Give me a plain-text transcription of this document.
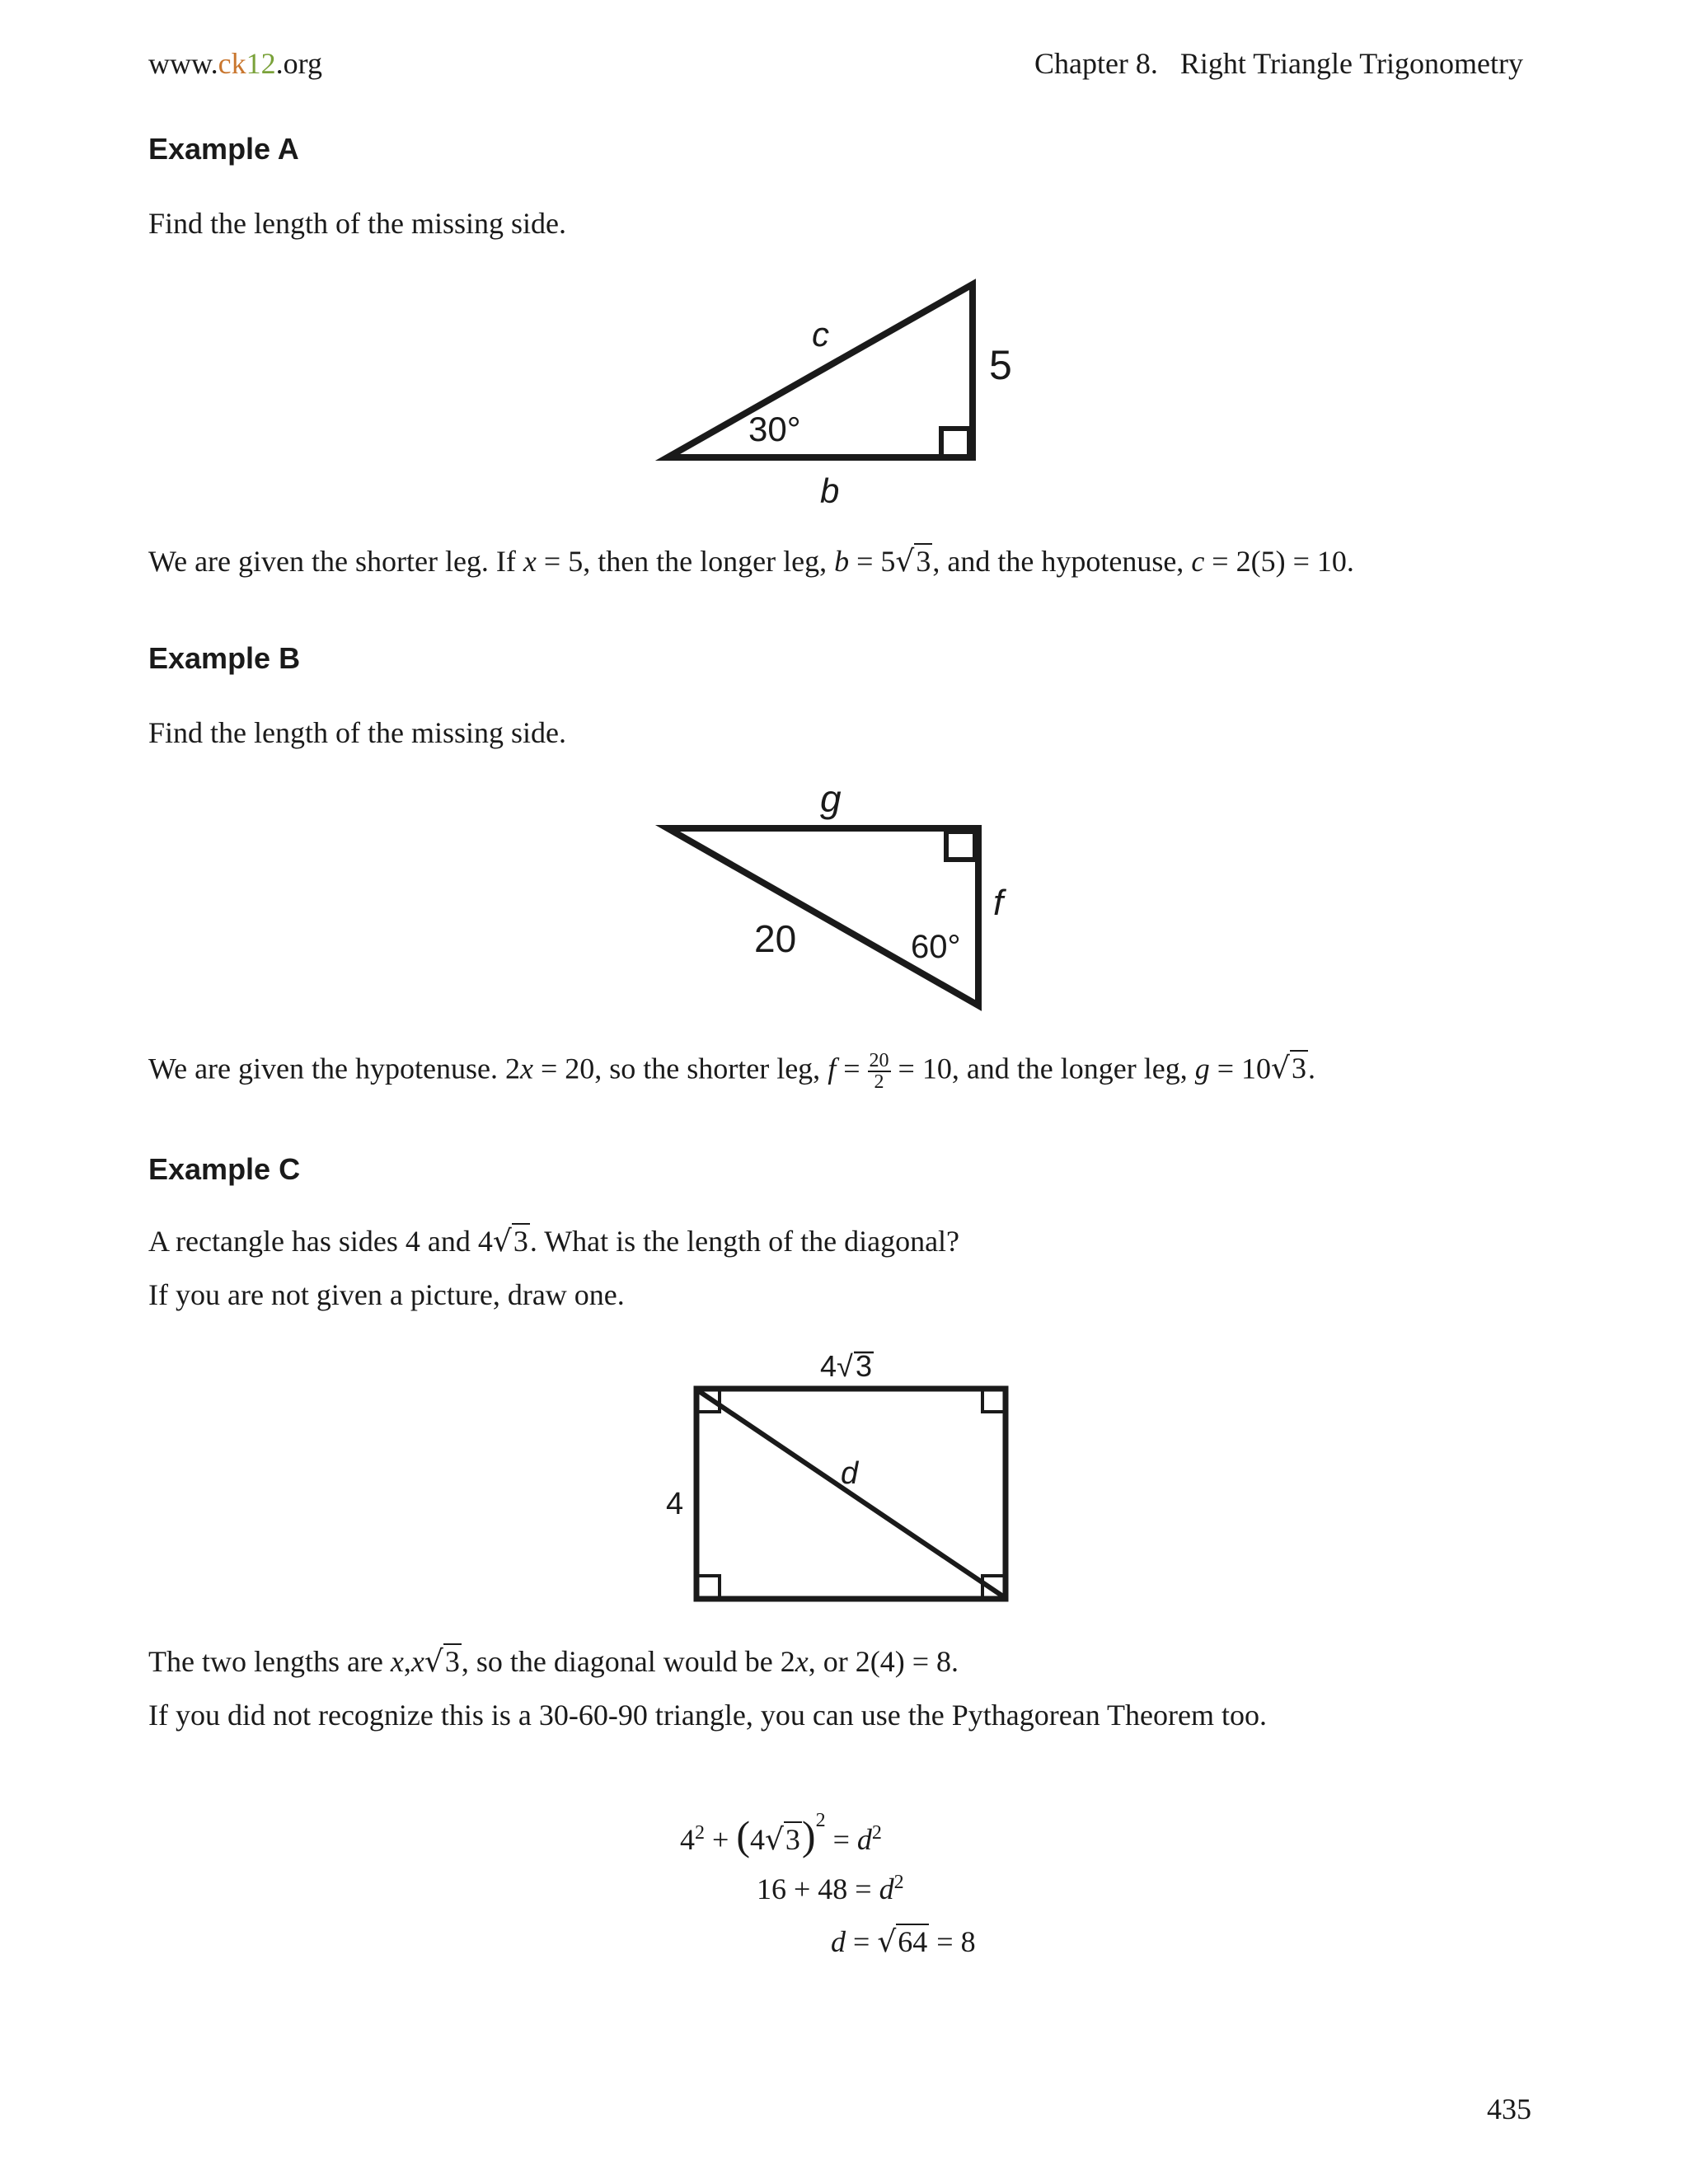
www.ck12.org	Chapter 8.   Right Triangle Trigonometry
Example A
Find the length of the missing side.
c
5
30°
b
We are given the shorter leg. If x = 5, then the longer leg, b = 5√3, and the hypotenuse, c = 2(5) = 10.
Example B
Find the length of the missing side.
g
f
20	60°
We are given the hypotenuse. 2x = 20, so the shorter leg, $f = \frac{20}{2} = 10$, and the longer leg, g = 10√3.
Example C
A rectangle has sides 4 and 4√3. What is the length of the diagonal?
If you are not given a picture, draw one.
4 √ 3
d
4
The two lengths are x,x√3, so the diagonal would be 2x, or 2(4) = 8.
If you did not recognize this is a 30-60-90 triangle, you can use the Pythagorean Theorem too.
$4^2 + (4√3)^2 = d^2$
$16 + 48 = d^2$
d = √64 = 8
435
